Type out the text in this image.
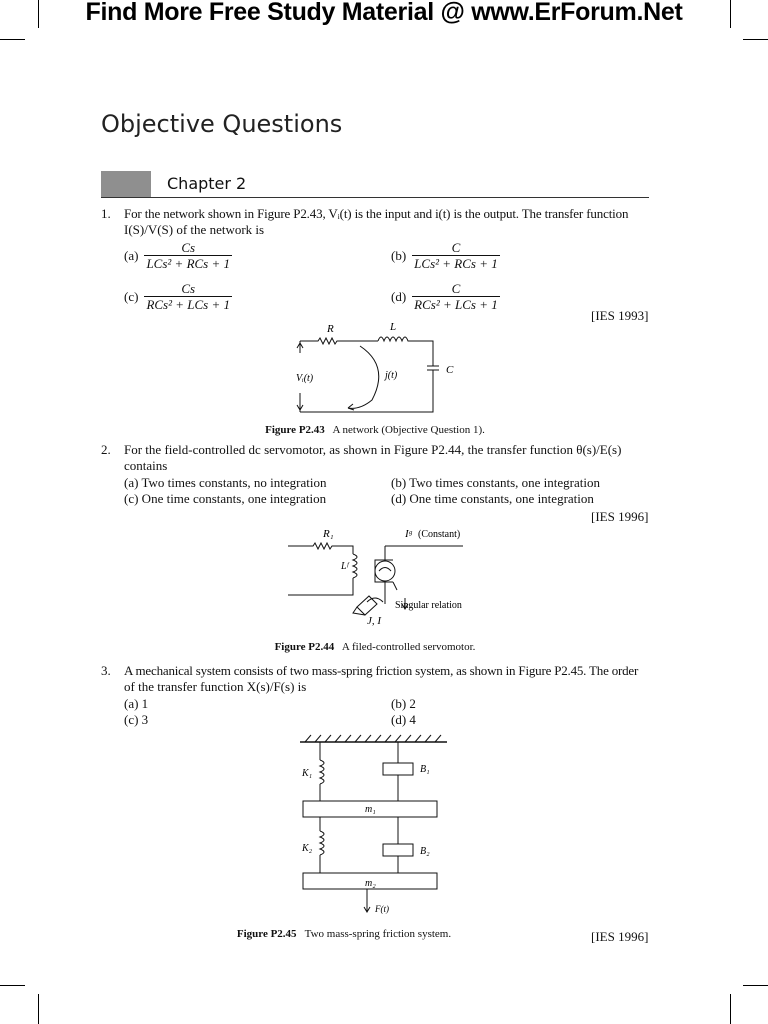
Find More Free Study Material @ www.ErForum.Net
Objective Questions
Chapter 2
1. For the network shown in Figure P2.43, Vᵢ(t) is the input and i(t) is the output. The transfer function
I(S)/V(S) of the network is
$(a) \frac{Cs}{\text{LCs² + RCs + 1}}$	$(b) \frac{C}{\text{LCs² + RCs + 1}}$
$(c) \frac{Cs}{\text{RCs² + LCs + 1}}$	$(d) \frac{C}{\text{RCs² + LCs + 1}}$
[IES 1993]
R	L
Vᵢ(t)	j(t)	C
Figure P2.43 A network (Objective Question 1).
2. For the field-controlled dc servomotor, as shown in Figure P2.44, the transfer function θ(s)/E(s)
contains
(a) Two times constants, no integration	(b) Two times constants, one integration
(c) One time constants, one integration	(d) One time constants, one integration
[IES 1996]
R₁	Iᵍ (Constant)
Lᶠ
Singular relation
J, I
Figure P2.44 A filed-controlled servomotor.
3. A mechanical system consists of two mass-spring friction system, as shown in Figure P2.45. The order
of the transfer function X(s)/F(s) is
(a) 1	(b) 2
(c) 3	(d) 4
K₁	B₁
m₁
K₂	B₂
m₂
F(t)
Figure P2.45 Two mass-spring friction system.	[IES 1996]
